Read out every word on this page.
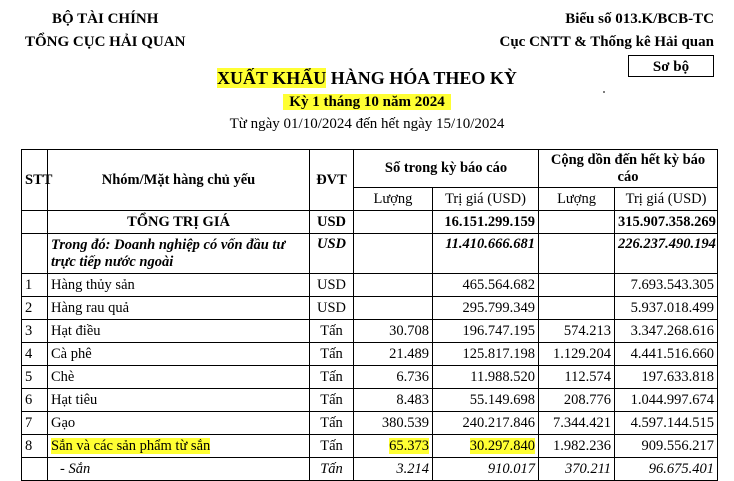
BỘ TÀI CHÍNH
TỔNG CỤC HẢI QUAN
Biểu số 013.K/BCB-TC
Cục CNTT & Thống kê Hải quan
Sơ bộ
XUẤT KHẨU HÀNG HÓA THEO KỲ
Kỳ 1 tháng 10 năm 2024
Từ ngày 01/10/2024 đến hết ngày 15/10/2024
STT	Nhóm/Mặt hàng chủ yếu	ĐVT	Số trong kỳ báo cáo		Cộng dồn đến hết kỳ báo cáo	
			Lượng	Trị giá (USD)	Lượng	Trị giá (USD)
	TỔNG TRỊ GIÁ	USD		16.151.299.159		315.907.358.269
	Trong đó: Doanh nghiệp có vốn đầu tư trực tiếp nước ngoài	USD		11.410.666.681		226.237.490.194
1	Hàng thủy sản	USD		465.564.682		7.693.543.305
2	Hàng rau quả	USD		295.799.349		5.937.018.499
3	Hạt điều	Tấn	30.708	196.747.195	574.213	3.347.268.616
4	Cà phê	Tấn	21.489	125.817.198	1.129.204	4.441.516.660
5	Chè	Tấn	6.736	11.988.520	112.574	197.633.818
6	Hạt tiêu	Tấn	8.483	55.149.698	208.776	1.044.997.674
7	Gạo	Tấn	380.539	240.217.846	7.344.421	4.597.144.515
8	Sắn và các sản phẩm từ sắn	Tấn	65.373	30.297.840	1.982.236	909.556.217
	- Sắn	Tấn	3.214	910.017	370.211	96.675.401
